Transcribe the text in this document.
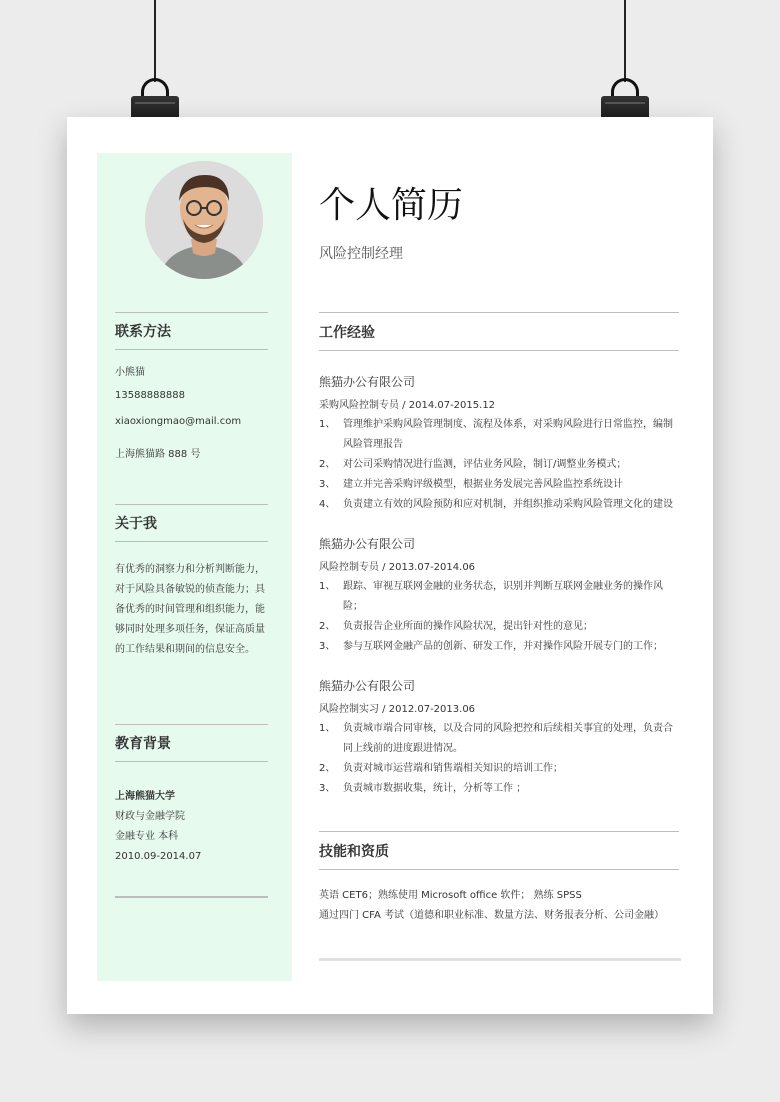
联系方法

小熊猫

13588888888

xiaoxiongmao@mail.com

上海熊猫路 888 号

关于我
有优秀的洞察力和分析判断能力，对于风险具备敏锐的侦查能力；具备优秀的时间管理和组织能力，能够同时处理多项任务，保证高质量的工作结果和期间的信息安全。
教育背景
上海熊猫大学
财政与金融学院
金融专业 本科
2010.09-2014.07
个人简历
风险控制经理
工作经验
熊猫办公有限公司
采购风险控制专员 / 2014.07-2015.12
1、 管理维护采购风险管理制度、流程及体系，对采购风险进行日常监控，编制风险管理报告
2、 对公司采购情况进行监测，评估业务风险，制订/调整业务模式；
3、 建立并完善采购评级模型，根据业务发展完善风险监控系统设计
4、 负责建立有效的风险预防和应对机制，并组织推动采购风险管理文化的建设
熊猫办公有限公司
风险控制专员 / 2013.07-2014.06
1、 跟踪、审视互联网金融的业务状态，识别并判断互联网金融业务的操作风险；
2、 负责报告企业所面的操作风险状况，提出针对性的意见；
3、 参与互联网金融产品的创新、研发工作，并对操作风险开展专门的工作；
熊猫办公有限公司
风险控制实习 / 2012.07-2013.06
1、 负责城市端合同审核，以及合同的风险把控和后续相关事宜的处理，负责合同上线前的进度跟进情况。
2、 负责对城市运营端和销售端相关知识的培训工作；
3、 负责城市数据收集，统计，分析等工作 ；
技能和资质
英语 CET6；熟练使用 Microsoft office 软件； 熟练 SPSS
通过四门 CFA 考试（道德和职业标准、数量方法、财务报表分析、公司金融）
